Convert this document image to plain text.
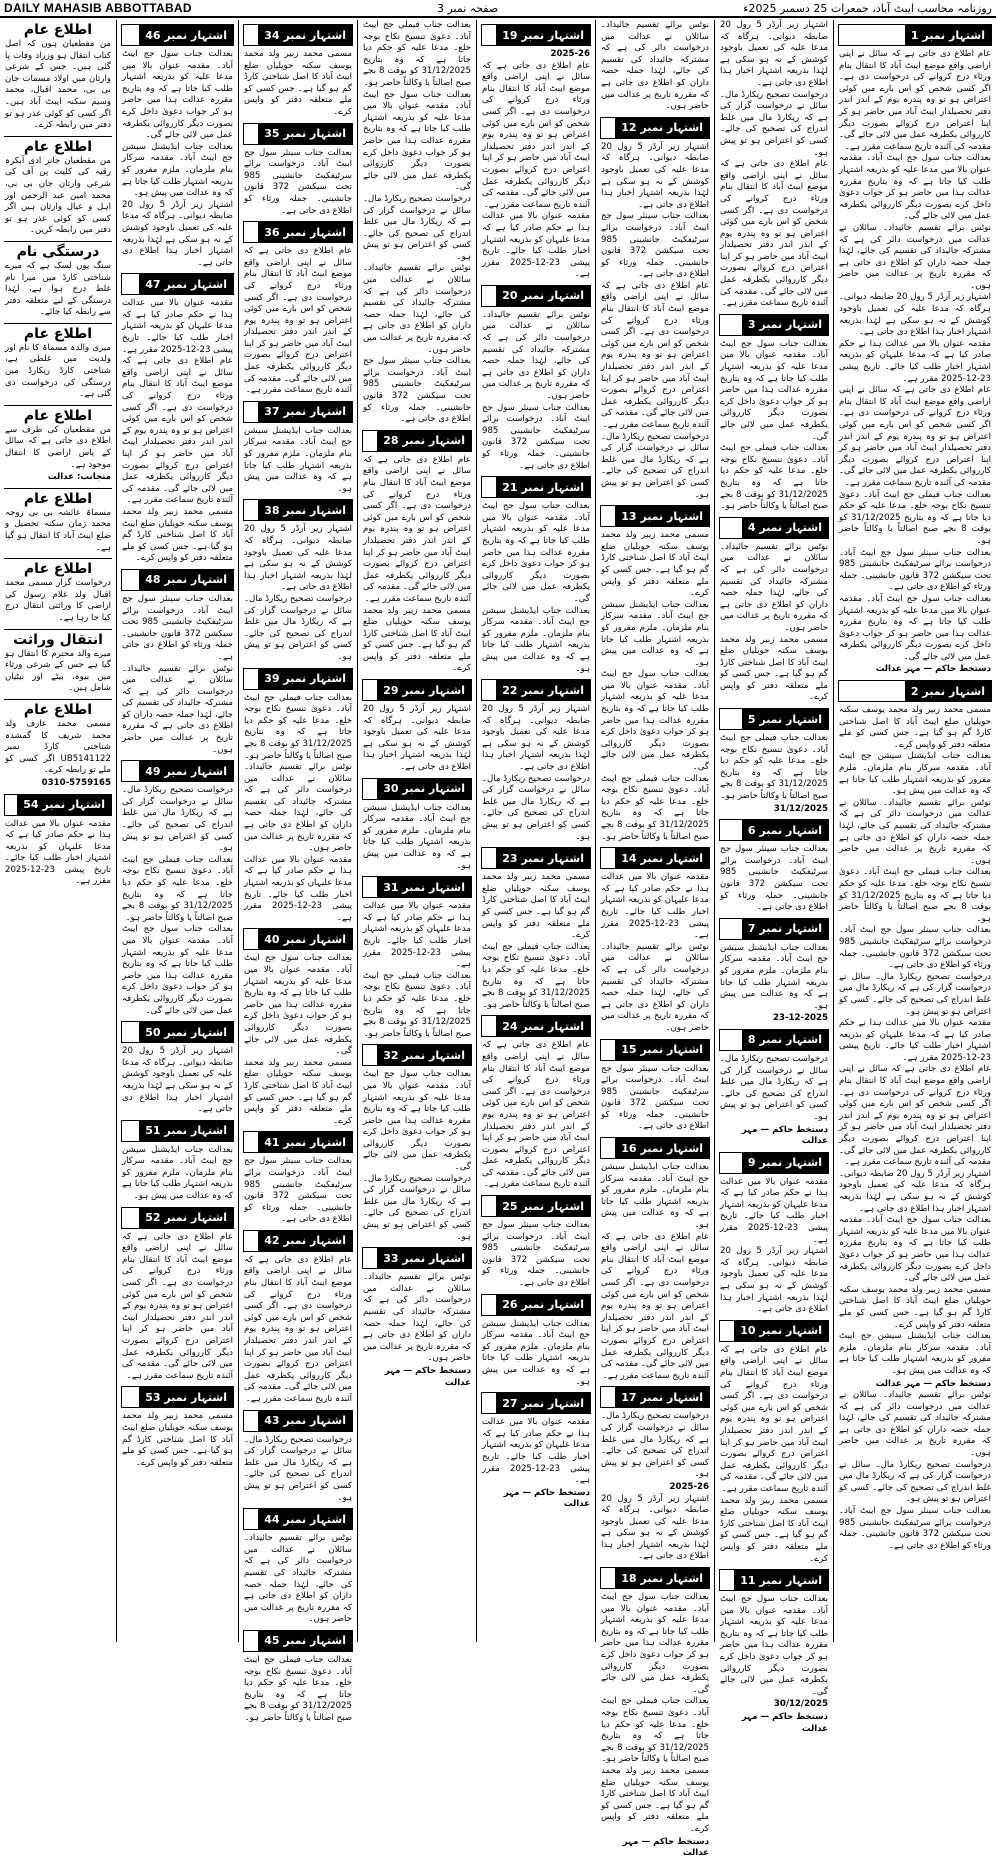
DAILY MAHASIB ABBOTTABAD	صفحہ نمبر 3	روزنامہ محاسب ایبٹ آباد، جمعرات 25 دسمبر 2025ء
اشتہار نمبر 1
عام اطلاع دی جاتی ہے کہ سائل نے اپنی اراضی واقع موضع ایبٹ آباد کا انتقال بنام ورثاء درج کروانے کی درخواست دی ہے۔ اگر کسی شخص کو اس بارے میں کوئی اعتراض ہو تو وہ پندرہ یوم کے اندر اندر دفتر تحصیلدار ایبٹ آباد میں حاضر ہو کر اپنا اعتراض درج کروائے بصورت دیگر کارروائی یکطرفہ عمل میں لائی جائے گی۔ مقدمہ کی آئندہ تاریخ سماعت مقرر ہے۔
بعدالت جناب سول جج ایبٹ آباد۔ مقدمہ عنوان بالا میں مدعا علیہ کو بذریعہ اشتہار طلب کیا جاتا ہے کہ وہ بتاریخ مقررہ عدالت ہذا میں حاضر ہو کر جواب دعویٰ داخل کرے بصورت دیگر کارروائی یکطرفہ عمل میں لائی جائے گی۔
نوٹس برائے تقسیم جائیداد۔ سائلان نے عدالت میں درخواست دائر کی ہے کہ مشترکہ جائیداد کی تقسیم کی جائے، لہٰذا جملہ حصہ داران کو اطلاع دی جاتی ہے کہ مقررہ تاریخ پر عدالت میں حاضر ہوں۔
اشتہار زیر آرڈر 5 رول 20 ضابطہ دیوانی۔ ہرگاہ کہ مدعا علیہ کی تعمیل باوجود کوشش کے نہ ہو سکی ہے لہٰذا بذریعہ اشتہار اخبار ہذا اطلاع دی جاتی ہے۔
مقدمہ عنوان بالا میں عدالت ہذا نے حکم صادر کیا ہے کہ مدعا علیہان کو بذریعہ اشتہار اخبار طلب کیا جائے۔ تاریخ پیشی 23-12-2025 مقرر ہے۔
عام اطلاع دی جاتی ہے کہ سائل نے اپنی اراضی واقع موضع ایبٹ آباد کا انتقال بنام ورثاء درج کروانے کی درخواست دی ہے۔ اگر کسی شخص کو اس بارے میں کوئی اعتراض ہو تو وہ پندرہ یوم کے اندر اندر دفتر تحصیلدار ایبٹ آباد میں حاضر ہو کر اپنا اعتراض درج کروائے بصورت دیگر کارروائی یکطرفہ عمل میں لائی جائے گی۔ مقدمہ کی آئندہ تاریخ سماعت مقرر ہے۔
بعدالت جناب فیملی جج ایبٹ آباد۔ دعویٰ تنسیخ نکاح بوجہ خلع۔ مدعا علیہ کو حکم دیا جاتا ہے کہ وہ بتاریخ 31/12/2025 کو بوقت 8 بجے صبح اصالتاً یا وکالتاً حاضر ہو۔
بعدالت جناب سینئر سول جج ایبٹ آباد۔ درخواست برائے سرٹیفکیٹ جانشینی 985 تحت سیکشن 372 قانون جانشینی۔ جملہ ورثاء کو اطلاع دی جاتی ہے۔
بعدالت جناب سول جج ایبٹ آباد۔ مقدمہ عنوان بالا میں مدعا علیہ کو بذریعہ اشتہار طلب کیا جاتا ہے کہ وہ بتاریخ مقررہ عدالت ہذا میں حاضر ہو کر جواب دعویٰ داخل کرے بصورت دیگر کارروائی یکطرفہ عمل میں لائی جائے گی۔
دستخط حاکم — مہر عدالت
اشتہار نمبر 2
مسمی محمد زبیر ولد محمد یوسف سکنہ حویلیاں ضلع ایبٹ آباد کا اصل شناختی کارڈ گم ہو گیا ہے۔ جس کسی کو ملے متعلقہ دفتر کو واپس کرے۔
بعدالت جناب ایڈیشنل سیشن جج ایبٹ آباد۔ مقدمہ سرکار بنام ملزمان۔ ملزم مفرور کو بذریعہ اشتہار طلب کیا جاتا ہے کہ وہ عدالت میں پیش ہو۔
نوٹس برائے تقسیم جائیداد۔ سائلان نے عدالت میں درخواست دائر کی ہے کہ مشترکہ جائیداد کی تقسیم کی جائے، لہٰذا جملہ حصہ داران کو اطلاع دی جاتی ہے کہ مقررہ تاریخ پر عدالت میں حاضر ہوں۔
بعدالت جناب فیملی جج ایبٹ آباد۔ دعویٰ تنسیخ نکاح بوجہ خلع۔ مدعا علیہ کو حکم دیا جاتا ہے کہ وہ بتاریخ 31/12/2025 کو بوقت 8 بجے صبح اصالتاً یا وکالتاً حاضر ہو۔
بعدالت جناب سینئر سول جج ایبٹ آباد۔ درخواست برائے سرٹیفکیٹ جانشینی 985 تحت سیکشن 372 قانون جانشینی۔ جملہ ورثاء کو اطلاع دی جاتی ہے۔
درخواست تصحیح ریکارڈ مال۔ سائل نے درخواست گزار کی ہے کہ ریکارڈ مال میں غلط اندراج کی تصحیح کی جائے۔ کسی کو اعتراض ہو تو پیش ہو۔
مقدمہ عنوان بالا میں عدالت ہذا نے حکم صادر کیا ہے کہ مدعا علیہان کو بذریعہ اشتہار اخبار طلب کیا جائے۔ تاریخ پیشی 23-12-2025 مقرر ہے۔
عام اطلاع دی جاتی ہے کہ سائل نے اپنی اراضی واقع موضع ایبٹ آباد کا انتقال بنام ورثاء درج کروانے کی درخواست دی ہے۔ اگر کسی شخص کو اس بارے میں کوئی اعتراض ہو تو وہ پندرہ یوم کے اندر اندر دفتر تحصیلدار ایبٹ آباد میں حاضر ہو کر اپنا اعتراض درج کروائے بصورت دیگر کارروائی یکطرفہ عمل میں لائی جائے گی۔ مقدمہ کی آئندہ تاریخ سماعت مقرر ہے۔
اشتہار زیر آرڈر 5 رول 20 ضابطہ دیوانی۔ ہرگاہ کہ مدعا علیہ کی تعمیل باوجود کوشش کے نہ ہو سکی ہے لہٰذا بذریعہ اشتہار اخبار ہذا اطلاع دی جاتی ہے۔
بعدالت جناب سول جج ایبٹ آباد۔ مقدمہ عنوان بالا میں مدعا علیہ کو بذریعہ اشتہار طلب کیا جاتا ہے کہ وہ بتاریخ مقررہ عدالت ہذا میں حاضر ہو کر جواب دعویٰ داخل کرے بصورت دیگر کارروائی یکطرفہ عمل میں لائی جائے گی۔
مسمی محمد زبیر ولد محمد یوسف سکنہ حویلیاں ضلع ایبٹ آباد کا اصل شناختی کارڈ گم ہو گیا ہے۔ جس کسی کو ملے متعلقہ دفتر کو واپس کرے۔
بعدالت جناب ایڈیشنل سیشن جج ایبٹ آباد۔ مقدمہ سرکار بنام ملزمان۔ ملزم مفرور کو بذریعہ اشتہار طلب کیا جاتا ہے کہ وہ عدالت میں پیش ہو۔
دستخط حاکم — مہر عدالت
نوٹس برائے تقسیم جائیداد۔ سائلان نے عدالت میں درخواست دائر کی ہے کہ مشترکہ جائیداد کی تقسیم کی جائے، لہٰذا جملہ حصہ داران کو اطلاع دی جاتی ہے کہ مقررہ تاریخ پر عدالت میں حاضر ہوں۔
درخواست تصحیح ریکارڈ مال۔ سائل نے درخواست گزار کی ہے کہ ریکارڈ مال میں غلط اندراج کی تصحیح کی جائے۔ کسی کو اعتراض ہو تو پیش ہو۔
بعدالت جناب سینئر سول جج ایبٹ آباد۔ درخواست برائے سرٹیفکیٹ جانشینی 985 تحت سیکشن 372 قانون جانشینی۔ جملہ ورثاء کو اطلاع دی جاتی ہے۔
اشتہار زیر آرڈر 5 رول 20 ضابطہ دیوانی۔ ہرگاہ کہ مدعا علیہ کی تعمیل باوجود کوشش کے نہ ہو سکی ہے لہٰذا بذریعہ اشتہار اخبار ہذا اطلاع دی جاتی ہے۔
درخواست تصحیح ریکارڈ مال۔ سائل نے درخواست گزار کی ہے کہ ریکارڈ مال میں غلط اندراج کی تصحیح کی جائے۔ کسی کو اعتراض ہو تو پیش ہو۔
عام اطلاع دی جاتی ہے کہ سائل نے اپنی اراضی واقع موضع ایبٹ آباد کا انتقال بنام ورثاء درج کروانے کی درخواست دی ہے۔ اگر کسی شخص کو اس بارے میں کوئی اعتراض ہو تو وہ پندرہ یوم کے اندر اندر دفتر تحصیلدار ایبٹ آباد میں حاضر ہو کر اپنا اعتراض درج کروائے بصورت دیگر کارروائی یکطرفہ عمل میں لائی جائے گی۔ مقدمہ کی آئندہ تاریخ سماعت مقرر ہے۔
اشتہار نمبر 3
بعدالت جناب سول جج ایبٹ آباد۔ مقدمہ عنوان بالا میں مدعا علیہ کو بذریعہ اشتہار طلب کیا جاتا ہے کہ وہ بتاریخ مقررہ عدالت ہذا میں حاضر ہو کر جواب دعویٰ داخل کرے بصورت دیگر کارروائی یکطرفہ عمل میں لائی جائے گی۔
بعدالت جناب فیملی جج ایبٹ آباد۔ دعویٰ تنسیخ نکاح بوجہ خلع۔ مدعا علیہ کو حکم دیا جاتا ہے کہ وہ بتاریخ 31/12/2025 کو بوقت 8 بجے صبح اصالتاً یا وکالتاً حاضر ہو۔
اشتہار نمبر 4
نوٹس برائے تقسیم جائیداد۔ سائلان نے عدالت میں درخواست دائر کی ہے کہ مشترکہ جائیداد کی تقسیم کی جائے، لہٰذا جملہ حصہ داران کو اطلاع دی جاتی ہے کہ مقررہ تاریخ پر عدالت میں حاضر ہوں۔
مسمی محمد زبیر ولد محمد یوسف سکنہ حویلیاں ضلع ایبٹ آباد کا اصل شناختی کارڈ گم ہو گیا ہے۔ جس کسی کو ملے متعلقہ دفتر کو واپس کرے۔
اشتہار نمبر 5
بعدالت جناب فیملی جج ایبٹ آباد۔ دعویٰ تنسیخ نکاح بوجہ خلع۔ مدعا علیہ کو حکم دیا جاتا ہے کہ وہ بتاریخ 31/12/2025 کو بوقت 8 بجے صبح اصالتاً یا وکالتاً حاضر ہو۔
31/12/2025
اشتہار نمبر 6
بعدالت جناب سینئر سول جج ایبٹ آباد۔ درخواست برائے سرٹیفکیٹ جانشینی 985 تحت سیکشن 372 قانون جانشینی۔ جملہ ورثاء کو اطلاع دی جاتی ہے۔
اشتہار نمبر 7
بعدالت جناب ایڈیشنل سیشن جج ایبٹ آباد۔ مقدمہ سرکار بنام ملزمان۔ ملزم مفرور کو بذریعہ اشتہار طلب کیا جاتا ہے کہ وہ عدالت میں پیش ہو۔
23-12-2025
اشتہار نمبر 8
درخواست تصحیح ریکارڈ مال۔ سائل نے درخواست گزار کی ہے کہ ریکارڈ مال میں غلط اندراج کی تصحیح کی جائے۔ کسی کو اعتراض ہو تو پیش ہو۔
دستخط حاکم — مہر عدالت
اشتہار نمبر 9
مقدمہ عنوان بالا میں عدالت ہذا نے حکم صادر کیا ہے کہ مدعا علیہان کو بذریعہ اشتہار اخبار طلب کیا جائے۔ تاریخ پیشی 23-12-2025 مقرر ہے۔
اشتہار زیر آرڈر 5 رول 20 ضابطہ دیوانی۔ ہرگاہ کہ مدعا علیہ کی تعمیل باوجود کوشش کے نہ ہو سکی ہے لہٰذا بذریعہ اشتہار اخبار ہذا اطلاع دی جاتی ہے۔
اشتہار نمبر 10
عام اطلاع دی جاتی ہے کہ سائل نے اپنی اراضی واقع موضع ایبٹ آباد کا انتقال بنام ورثاء درج کروانے کی درخواست دی ہے۔ اگر کسی شخص کو اس بارے میں کوئی اعتراض ہو تو وہ پندرہ یوم کے اندر اندر دفتر تحصیلدار ایبٹ آباد میں حاضر ہو کر اپنا اعتراض درج کروائے بصورت دیگر کارروائی یکطرفہ عمل میں لائی جائے گی۔ مقدمہ کی آئندہ تاریخ سماعت مقرر ہے۔
مسمی محمد زبیر ولد محمد یوسف سکنہ حویلیاں ضلع ایبٹ آباد کا اصل شناختی کارڈ گم ہو گیا ہے۔ جس کسی کو ملے متعلقہ دفتر کو واپس کرے۔
اشتہار نمبر 11
بعدالت جناب سول جج ایبٹ آباد۔ مقدمہ عنوان بالا میں مدعا علیہ کو بذریعہ اشتہار طلب کیا جاتا ہے کہ وہ بتاریخ مقررہ عدالت ہذا میں حاضر ہو کر جواب دعویٰ داخل کرے بصورت دیگر کارروائی یکطرفہ عمل میں لائی جائے گی۔
30/12/2025
دستخط حاکم — مہر عدالت
نوٹس برائے تقسیم جائیداد۔ سائلان نے عدالت میں درخواست دائر کی ہے کہ مشترکہ جائیداد کی تقسیم کی جائے، لہٰذا جملہ حصہ داران کو اطلاع دی جاتی ہے کہ مقررہ تاریخ پر عدالت میں حاضر ہوں۔
اشتہار نمبر 12
اشتہار زیر آرڈر 5 رول 20 ضابطہ دیوانی۔ ہرگاہ کہ مدعا علیہ کی تعمیل باوجود کوشش کے نہ ہو سکی ہے لہٰذا بذریعہ اشتہار اخبار ہذا اطلاع دی جاتی ہے۔
بعدالت جناب سینئر سول جج ایبٹ آباد۔ درخواست برائے سرٹیفکیٹ جانشینی 985 تحت سیکشن 372 قانون جانشینی۔ جملہ ورثاء کو اطلاع دی جاتی ہے۔
عام اطلاع دی جاتی ہے کہ سائل نے اپنی اراضی واقع موضع ایبٹ آباد کا انتقال بنام ورثاء درج کروانے کی درخواست دی ہے۔ اگر کسی شخص کو اس بارے میں کوئی اعتراض ہو تو وہ پندرہ یوم کے اندر اندر دفتر تحصیلدار ایبٹ آباد میں حاضر ہو کر اپنا اعتراض درج کروائے بصورت دیگر کارروائی یکطرفہ عمل میں لائی جائے گی۔ مقدمہ کی آئندہ تاریخ سماعت مقرر ہے۔
درخواست تصحیح ریکارڈ مال۔ سائل نے درخواست گزار کی ہے کہ ریکارڈ مال میں غلط اندراج کی تصحیح کی جائے۔ کسی کو اعتراض ہو تو پیش ہو۔
اشتہار نمبر 13
مسمی محمد زبیر ولد محمد یوسف سکنہ حویلیاں ضلع ایبٹ آباد کا اصل شناختی کارڈ گم ہو گیا ہے۔ جس کسی کو ملے متعلقہ دفتر کو واپس کرے۔
بعدالت جناب ایڈیشنل سیشن جج ایبٹ آباد۔ مقدمہ سرکار بنام ملزمان۔ ملزم مفرور کو بذریعہ اشتہار طلب کیا جاتا ہے کہ وہ عدالت میں پیش ہو۔
بعدالت جناب سول جج ایبٹ آباد۔ مقدمہ عنوان بالا میں مدعا علیہ کو بذریعہ اشتہار طلب کیا جاتا ہے کہ وہ بتاریخ مقررہ عدالت ہذا میں حاضر ہو کر جواب دعویٰ داخل کرے بصورت دیگر کارروائی یکطرفہ عمل میں لائی جائے گی۔
بعدالت جناب فیملی جج ایبٹ آباد۔ دعویٰ تنسیخ نکاح بوجہ خلع۔ مدعا علیہ کو حکم دیا جاتا ہے کہ وہ بتاریخ 31/12/2025 کو بوقت 8 بجے صبح اصالتاً یا وکالتاً حاضر ہو۔
اشتہار نمبر 14
مقدمہ عنوان بالا میں عدالت ہذا نے حکم صادر کیا ہے کہ مدعا علیہان کو بذریعہ اشتہار اخبار طلب کیا جائے۔ تاریخ پیشی 23-12-2025 مقرر ہے۔
نوٹس برائے تقسیم جائیداد۔ سائلان نے عدالت میں درخواست دائر کی ہے کہ مشترکہ جائیداد کی تقسیم کی جائے، لہٰذا جملہ حصہ داران کو اطلاع دی جاتی ہے کہ مقررہ تاریخ پر عدالت میں حاضر ہوں۔
اشتہار نمبر 15
بعدالت جناب سینئر سول جج ایبٹ آباد۔ درخواست برائے سرٹیفکیٹ جانشینی 985 تحت سیکشن 372 قانون جانشینی۔ جملہ ورثاء کو اطلاع دی جاتی ہے۔
اشتہار نمبر 16
بعدالت جناب ایڈیشنل سیشن جج ایبٹ آباد۔ مقدمہ سرکار بنام ملزمان۔ ملزم مفرور کو بذریعہ اشتہار طلب کیا جاتا ہے کہ وہ عدالت میں پیش ہو۔
عام اطلاع دی جاتی ہے کہ سائل نے اپنی اراضی واقع موضع ایبٹ آباد کا انتقال بنام ورثاء درج کروانے کی درخواست دی ہے۔ اگر کسی شخص کو اس بارے میں کوئی اعتراض ہو تو وہ پندرہ یوم کے اندر اندر دفتر تحصیلدار ایبٹ آباد میں حاضر ہو کر اپنا اعتراض درج کروائے بصورت دیگر کارروائی یکطرفہ عمل میں لائی جائے گی۔ مقدمہ کی آئندہ تاریخ سماعت مقرر ہے۔
اشتہار نمبر 17
درخواست تصحیح ریکارڈ مال۔ سائل نے درخواست گزار کی ہے کہ ریکارڈ مال میں غلط اندراج کی تصحیح کی جائے۔ کسی کو اعتراض ہو تو پیش ہو۔
2025-26
اشتہار زیر آرڈر 5 رول 20 ضابطہ دیوانی۔ ہرگاہ کہ مدعا علیہ کی تعمیل باوجود کوشش کے نہ ہو سکی ہے لہٰذا بذریعہ اشتہار اخبار ہذا اطلاع دی جاتی ہے۔
اشتہار نمبر 18
بعدالت جناب سول جج ایبٹ آباد۔ مقدمہ عنوان بالا میں مدعا علیہ کو بذریعہ اشتہار طلب کیا جاتا ہے کہ وہ بتاریخ مقررہ عدالت ہذا میں حاضر ہو کر جواب دعویٰ داخل کرے بصورت دیگر کارروائی یکطرفہ عمل میں لائی جائے گی۔
بعدالت جناب فیملی جج ایبٹ آباد۔ دعویٰ تنسیخ نکاح بوجہ خلع۔ مدعا علیہ کو حکم دیا جاتا ہے کہ وہ بتاریخ 31/12/2025 کو بوقت 8 بجے صبح اصالتاً یا وکالتاً حاضر ہو۔
مسمی محمد زبیر ولد محمد یوسف سکنہ حویلیاں ضلع ایبٹ آباد کا اصل شناختی کارڈ گم ہو گیا ہے۔ جس کسی کو ملے متعلقہ دفتر کو واپس کرے۔
دستخط حاکم — مہر عدالت
اشتہار نمبر 19
2025-26
عام اطلاع دی جاتی ہے کہ سائل نے اپنی اراضی واقع موضع ایبٹ آباد کا انتقال بنام ورثاء درج کروانے کی درخواست دی ہے۔ اگر کسی شخص کو اس بارے میں کوئی اعتراض ہو تو وہ پندرہ یوم کے اندر اندر دفتر تحصیلدار ایبٹ آباد میں حاضر ہو کر اپنا اعتراض درج کروائے بصورت دیگر کارروائی یکطرفہ عمل میں لائی جائے گی۔ مقدمہ کی آئندہ تاریخ سماعت مقرر ہے۔
مقدمہ عنوان بالا میں عدالت ہذا نے حکم صادر کیا ہے کہ مدعا علیہان کو بذریعہ اشتہار اخبار طلب کیا جائے۔ تاریخ پیشی 23-12-2025 مقرر ہے۔
اشتہار نمبر 20
نوٹس برائے تقسیم جائیداد۔ سائلان نے عدالت میں درخواست دائر کی ہے کہ مشترکہ جائیداد کی تقسیم کی جائے، لہٰذا جملہ حصہ داران کو اطلاع دی جاتی ہے کہ مقررہ تاریخ پر عدالت میں حاضر ہوں۔
بعدالت جناب سینئر سول جج ایبٹ آباد۔ درخواست برائے سرٹیفکیٹ جانشینی 985 تحت سیکشن 372 قانون جانشینی۔ جملہ ورثاء کو اطلاع دی جاتی ہے۔
اشتہار نمبر 21
بعدالت جناب سول جج ایبٹ آباد۔ مقدمہ عنوان بالا میں مدعا علیہ کو بذریعہ اشتہار طلب کیا جاتا ہے کہ وہ بتاریخ مقررہ عدالت ہذا میں حاضر ہو کر جواب دعویٰ داخل کرے بصورت دیگر کارروائی یکطرفہ عمل میں لائی جائے گی۔
بعدالت جناب ایڈیشنل سیشن جج ایبٹ آباد۔ مقدمہ سرکار بنام ملزمان۔ ملزم مفرور کو بذریعہ اشتہار طلب کیا جاتا ہے کہ وہ عدالت میں پیش ہو۔
اشتہار نمبر 22
اشتہار زیر آرڈر 5 رول 20 ضابطہ دیوانی۔ ہرگاہ کہ مدعا علیہ کی تعمیل باوجود کوشش کے نہ ہو سکی ہے لہٰذا بذریعہ اشتہار اخبار ہذا اطلاع دی جاتی ہے۔
درخواست تصحیح ریکارڈ مال۔ سائل نے درخواست گزار کی ہے کہ ریکارڈ مال میں غلط اندراج کی تصحیح کی جائے۔ کسی کو اعتراض ہو تو پیش ہو۔
اشتہار نمبر 23
مسمی محمد زبیر ولد محمد یوسف سکنہ حویلیاں ضلع ایبٹ آباد کا اصل شناختی کارڈ گم ہو گیا ہے۔ جس کسی کو ملے متعلقہ دفتر کو واپس کرے۔
بعدالت جناب فیملی جج ایبٹ آباد۔ دعویٰ تنسیخ نکاح بوجہ خلع۔ مدعا علیہ کو حکم دیا جاتا ہے کہ وہ بتاریخ 31/12/2025 کو بوقت 8 بجے صبح اصالتاً یا وکالتاً حاضر ہو۔
اشتہار نمبر 24
عام اطلاع دی جاتی ہے کہ سائل نے اپنی اراضی واقع موضع ایبٹ آباد کا انتقال بنام ورثاء درج کروانے کی درخواست دی ہے۔ اگر کسی شخص کو اس بارے میں کوئی اعتراض ہو تو وہ پندرہ یوم کے اندر اندر دفتر تحصیلدار ایبٹ آباد میں حاضر ہو کر اپنا اعتراض درج کروائے بصورت دیگر کارروائی یکطرفہ عمل میں لائی جائے گی۔ مقدمہ کی آئندہ تاریخ سماعت مقرر ہے۔
اشتہار نمبر 25
بعدالت جناب سینئر سول جج ایبٹ آباد۔ درخواست برائے سرٹیفکیٹ جانشینی 985 تحت سیکشن 372 قانون جانشینی۔ جملہ ورثاء کو اطلاع دی جاتی ہے۔
اشتہار نمبر 26
بعدالت جناب ایڈیشنل سیشن جج ایبٹ آباد۔ مقدمہ سرکار بنام ملزمان۔ ملزم مفرور کو بذریعہ اشتہار طلب کیا جاتا ہے کہ وہ عدالت میں پیش ہو۔
اشتہار نمبر 27
مقدمہ عنوان بالا میں عدالت ہذا نے حکم صادر کیا ہے کہ مدعا علیہان کو بذریعہ اشتہار اخبار طلب کیا جائے۔ تاریخ پیشی 23-12-2025 مقرر ہے۔
دستخط حاکم — مہر عدالت
بعدالت جناب فیملی جج ایبٹ آباد۔ دعویٰ تنسیخ نکاح بوجہ خلع۔ مدعا علیہ کو حکم دیا جاتا ہے کہ وہ بتاریخ 31/12/2025 کو بوقت 8 بجے صبح اصالتاً یا وکالتاً حاضر ہو۔
بعدالت جناب سول جج ایبٹ آباد۔ مقدمہ عنوان بالا میں مدعا علیہ کو بذریعہ اشتہار طلب کیا جاتا ہے کہ وہ بتاریخ مقررہ عدالت ہذا میں حاضر ہو کر جواب دعویٰ داخل کرے بصورت دیگر کارروائی یکطرفہ عمل میں لائی جائے گی۔
درخواست تصحیح ریکارڈ مال۔ سائل نے درخواست گزار کی ہے کہ ریکارڈ مال میں غلط اندراج کی تصحیح کی جائے۔ کسی کو اعتراض ہو تو پیش ہو۔
نوٹس برائے تقسیم جائیداد۔ سائلان نے عدالت میں درخواست دائر کی ہے کہ مشترکہ جائیداد کی تقسیم کی جائے، لہٰذا جملہ حصہ داران کو اطلاع دی جاتی ہے کہ مقررہ تاریخ پر عدالت میں حاضر ہوں۔
بعدالت جناب سینئر سول جج ایبٹ آباد۔ درخواست برائے سرٹیفکیٹ جانشینی 985 تحت سیکشن 372 قانون جانشینی۔ جملہ ورثاء کو اطلاع دی جاتی ہے۔
اشتہار نمبر 28
عام اطلاع دی جاتی ہے کہ سائل نے اپنی اراضی واقع موضع ایبٹ آباد کا انتقال بنام ورثاء درج کروانے کی درخواست دی ہے۔ اگر کسی شخص کو اس بارے میں کوئی اعتراض ہو تو وہ پندرہ یوم کے اندر اندر دفتر تحصیلدار ایبٹ آباد میں حاضر ہو کر اپنا اعتراض درج کروائے بصورت دیگر کارروائی یکطرفہ عمل میں لائی جائے گی۔ مقدمہ کی آئندہ تاریخ سماعت مقرر ہے۔
مسمی محمد زبیر ولد محمد یوسف سکنہ حویلیاں ضلع ایبٹ آباد کا اصل شناختی کارڈ گم ہو گیا ہے۔ جس کسی کو ملے متعلقہ دفتر کو واپس کرے۔
اشتہار نمبر 29
اشتہار زیر آرڈر 5 رول 20 ضابطہ دیوانی۔ ہرگاہ کہ مدعا علیہ کی تعمیل باوجود کوشش کے نہ ہو سکی ہے لہٰذا بذریعہ اشتہار اخبار ہذا اطلاع دی جاتی ہے۔
اشتہار نمبر 30
بعدالت جناب ایڈیشنل سیشن جج ایبٹ آباد۔ مقدمہ سرکار بنام ملزمان۔ ملزم مفرور کو بذریعہ اشتہار طلب کیا جاتا ہے کہ وہ عدالت میں پیش ہو۔
اشتہار نمبر 31
مقدمہ عنوان بالا میں عدالت ہذا نے حکم صادر کیا ہے کہ مدعا علیہان کو بذریعہ اشتہار اخبار طلب کیا جائے۔ تاریخ پیشی 23-12-2025 مقرر ہے۔
بعدالت جناب فیملی جج ایبٹ آباد۔ دعویٰ تنسیخ نکاح بوجہ خلع۔ مدعا علیہ کو حکم دیا جاتا ہے کہ وہ بتاریخ 31/12/2025 کو بوقت 8 بجے صبح اصالتاً یا وکالتاً حاضر ہو۔
اشتہار نمبر 32
بعدالت جناب سول جج ایبٹ آباد۔ مقدمہ عنوان بالا میں مدعا علیہ کو بذریعہ اشتہار طلب کیا جاتا ہے کہ وہ بتاریخ مقررہ عدالت ہذا میں حاضر ہو کر جواب دعویٰ داخل کرے بصورت دیگر کارروائی یکطرفہ عمل میں لائی جائے گی۔
درخواست تصحیح ریکارڈ مال۔ سائل نے درخواست گزار کی ہے کہ ریکارڈ مال میں غلط اندراج کی تصحیح کی جائے۔ کسی کو اعتراض ہو تو پیش ہو۔
اشتہار نمبر 33
نوٹس برائے تقسیم جائیداد۔ سائلان نے عدالت میں درخواست دائر کی ہے کہ مشترکہ جائیداد کی تقسیم کی جائے، لہٰذا جملہ حصہ داران کو اطلاع دی جاتی ہے کہ مقررہ تاریخ پر عدالت میں حاضر ہوں۔
دستخط حاکم — مہر عدالت
اشتہار نمبر 34
مسمی محمد زبیر ولد محمد یوسف سکنہ حویلیاں ضلع ایبٹ آباد کا اصل شناختی کارڈ گم ہو گیا ہے۔ جس کسی کو ملے متعلقہ دفتر کو واپس کرے۔
اشتہار نمبر 35
بعدالت جناب سینئر سول جج ایبٹ آباد۔ درخواست برائے سرٹیفکیٹ جانشینی 985 تحت سیکشن 372 قانون جانشینی۔ جملہ ورثاء کو اطلاع دی جاتی ہے۔
اشتہار نمبر 36
عام اطلاع دی جاتی ہے کہ سائل نے اپنی اراضی واقع موضع ایبٹ آباد کا انتقال بنام ورثاء درج کروانے کی درخواست دی ہے۔ اگر کسی شخص کو اس بارے میں کوئی اعتراض ہو تو وہ پندرہ یوم کے اندر اندر دفتر تحصیلدار ایبٹ آباد میں حاضر ہو کر اپنا اعتراض درج کروائے بصورت دیگر کارروائی یکطرفہ عمل میں لائی جائے گی۔ مقدمہ کی آئندہ تاریخ سماعت مقرر ہے۔
اشتہار نمبر 37
بعدالت جناب ایڈیشنل سیشن جج ایبٹ آباد۔ مقدمہ سرکار بنام ملزمان۔ ملزم مفرور کو بذریعہ اشتہار طلب کیا جاتا ہے کہ وہ عدالت میں پیش ہو۔
اشتہار نمبر 38
اشتہار زیر آرڈر 5 رول 20 ضابطہ دیوانی۔ ہرگاہ کہ مدعا علیہ کی تعمیل باوجود کوشش کے نہ ہو سکی ہے لہٰذا بذریعہ اشتہار اخبار ہذا اطلاع دی جاتی ہے۔
درخواست تصحیح ریکارڈ مال۔ سائل نے درخواست گزار کی ہے کہ ریکارڈ مال میں غلط اندراج کی تصحیح کی جائے۔ کسی کو اعتراض ہو تو پیش ہو۔
اشتہار نمبر 39
بعدالت جناب فیملی جج ایبٹ آباد۔ دعویٰ تنسیخ نکاح بوجہ خلع۔ مدعا علیہ کو حکم دیا جاتا ہے کہ وہ بتاریخ 31/12/2025 کو بوقت 8 بجے صبح اصالتاً یا وکالتاً حاضر ہو۔
نوٹس برائے تقسیم جائیداد۔ سائلان نے عدالت میں درخواست دائر کی ہے کہ مشترکہ جائیداد کی تقسیم کی جائے، لہٰذا جملہ حصہ داران کو اطلاع دی جاتی ہے کہ مقررہ تاریخ پر عدالت میں حاضر ہوں۔
مقدمہ عنوان بالا میں عدالت ہذا نے حکم صادر کیا ہے کہ مدعا علیہان کو بذریعہ اشتہار اخبار طلب کیا جائے۔ تاریخ پیشی 23-12-2025 مقرر ہے۔
اشتہار نمبر 40
بعدالت جناب سول جج ایبٹ آباد۔ مقدمہ عنوان بالا میں مدعا علیہ کو بذریعہ اشتہار طلب کیا جاتا ہے کہ وہ بتاریخ مقررہ عدالت ہذا میں حاضر ہو کر جواب دعویٰ داخل کرے بصورت دیگر کارروائی یکطرفہ عمل میں لائی جائے گی۔
مسمی محمد زبیر ولد محمد یوسف سکنہ حویلیاں ضلع ایبٹ آباد کا اصل شناختی کارڈ گم ہو گیا ہے۔ جس کسی کو ملے متعلقہ دفتر کو واپس کرے۔
اشتہار نمبر 41
بعدالت جناب سینئر سول جج ایبٹ آباد۔ درخواست برائے سرٹیفکیٹ جانشینی 985 تحت سیکشن 372 قانون جانشینی۔ جملہ ورثاء کو اطلاع دی جاتی ہے۔
اشتہار نمبر 42
عام اطلاع دی جاتی ہے کہ سائل نے اپنی اراضی واقع موضع ایبٹ آباد کا انتقال بنام ورثاء درج کروانے کی درخواست دی ہے۔ اگر کسی شخص کو اس بارے میں کوئی اعتراض ہو تو وہ پندرہ یوم کے اندر اندر دفتر تحصیلدار ایبٹ آباد میں حاضر ہو کر اپنا اعتراض درج کروائے بصورت دیگر کارروائی یکطرفہ عمل میں لائی جائے گی۔ مقدمہ کی آئندہ تاریخ سماعت مقرر ہے۔
اشتہار نمبر 43
درخواست تصحیح ریکارڈ مال۔ سائل نے درخواست گزار کی ہے کہ ریکارڈ مال میں غلط اندراج کی تصحیح کی جائے۔ کسی کو اعتراض ہو تو پیش ہو۔
اشتہار نمبر 44
نوٹس برائے تقسیم جائیداد۔ سائلان نے عدالت میں درخواست دائر کی ہے کہ مشترکہ جائیداد کی تقسیم کی جائے، لہٰذا جملہ حصہ داران کو اطلاع دی جاتی ہے کہ مقررہ تاریخ پر عدالت میں حاضر ہوں۔
اشتہار نمبر 45
بعدالت جناب فیملی جج ایبٹ آباد۔ دعویٰ تنسیخ نکاح بوجہ خلع۔ مدعا علیہ کو حکم دیا جاتا ہے کہ وہ بتاریخ 31/12/2025 کو بوقت 8 بجے صبح اصالتاً یا وکالتاً حاضر ہو۔
اشتہار نمبر 46
بعدالت جناب سول جج ایبٹ آباد۔ مقدمہ عنوان بالا میں مدعا علیہ کو بذریعہ اشتہار طلب کیا جاتا ہے کہ وہ بتاریخ مقررہ عدالت ہذا میں حاضر ہو کر جواب دعویٰ داخل کرے بصورت دیگر کارروائی یکطرفہ عمل میں لائی جائے گی۔
بعدالت جناب ایڈیشنل سیشن جج ایبٹ آباد۔ مقدمہ سرکار بنام ملزمان۔ ملزم مفرور کو بذریعہ اشتہار طلب کیا جاتا ہے کہ وہ عدالت میں پیش ہو۔
اشتہار زیر آرڈر 5 رول 20 ضابطہ دیوانی۔ ہرگاہ کہ مدعا علیہ کی تعمیل باوجود کوشش کے نہ ہو سکی ہے لہٰذا بذریعہ اشتہار اخبار ہذا اطلاع دی جاتی ہے۔
اشتہار نمبر 47
مقدمہ عنوان بالا میں عدالت ہذا نے حکم صادر کیا ہے کہ مدعا علیہان کو بذریعہ اشتہار اخبار طلب کیا جائے۔ تاریخ پیشی 23-12-2025 مقرر ہے۔
عام اطلاع دی جاتی ہے کہ سائل نے اپنی اراضی واقع موضع ایبٹ آباد کا انتقال بنام ورثاء درج کروانے کی درخواست دی ہے۔ اگر کسی شخص کو اس بارے میں کوئی اعتراض ہو تو وہ پندرہ یوم کے اندر اندر دفتر تحصیلدار ایبٹ آباد میں حاضر ہو کر اپنا اعتراض درج کروائے بصورت دیگر کارروائی یکطرفہ عمل میں لائی جائے گی۔ مقدمہ کی آئندہ تاریخ سماعت مقرر ہے۔
مسمی محمد زبیر ولد محمد یوسف سکنہ حویلیاں ضلع ایبٹ آباد کا اصل شناختی کارڈ گم ہو گیا ہے۔ جس کسی کو ملے متعلقہ دفتر کو واپس کرے۔
اشتہار نمبر 48
بعدالت جناب سینئر سول جج ایبٹ آباد۔ درخواست برائے سرٹیفکیٹ جانشینی 985 تحت سیکشن 372 قانون جانشینی۔ جملہ ورثاء کو اطلاع دی جاتی ہے۔
نوٹس برائے تقسیم جائیداد۔ سائلان نے عدالت میں درخواست دائر کی ہے کہ مشترکہ جائیداد کی تقسیم کی جائے، لہٰذا جملہ حصہ داران کو اطلاع دی جاتی ہے کہ مقررہ تاریخ پر عدالت میں حاضر ہوں۔
اشتہار نمبر 49
درخواست تصحیح ریکارڈ مال۔ سائل نے درخواست گزار کی ہے کہ ریکارڈ مال میں غلط اندراج کی تصحیح کی جائے۔ کسی کو اعتراض ہو تو پیش ہو۔
بعدالت جناب فیملی جج ایبٹ آباد۔ دعویٰ تنسیخ نکاح بوجہ خلع۔ مدعا علیہ کو حکم دیا جاتا ہے کہ وہ بتاریخ 31/12/2025 کو بوقت 8 بجے صبح اصالتاً یا وکالتاً حاضر ہو۔
بعدالت جناب سول جج ایبٹ آباد۔ مقدمہ عنوان بالا میں مدعا علیہ کو بذریعہ اشتہار طلب کیا جاتا ہے کہ وہ بتاریخ مقررہ عدالت ہذا میں حاضر ہو کر جواب دعویٰ داخل کرے بصورت دیگر کارروائی یکطرفہ عمل میں لائی جائے گی۔
اشتہار نمبر 50
اشتہار زیر آرڈر 5 رول 20 ضابطہ دیوانی۔ ہرگاہ کہ مدعا علیہ کی تعمیل باوجود کوشش کے نہ ہو سکی ہے لہٰذا بذریعہ اشتہار اخبار ہذا اطلاع دی جاتی ہے۔
اشتہار نمبر 51
بعدالت جناب ایڈیشنل سیشن جج ایبٹ آباد۔ مقدمہ سرکار بنام ملزمان۔ ملزم مفرور کو بذریعہ اشتہار طلب کیا جاتا ہے کہ وہ عدالت میں پیش ہو۔
اشتہار نمبر 52
عام اطلاع دی جاتی ہے کہ سائل نے اپنی اراضی واقع موضع ایبٹ آباد کا انتقال بنام ورثاء درج کروانے کی درخواست دی ہے۔ اگر کسی شخص کو اس بارے میں کوئی اعتراض ہو تو وہ پندرہ یوم کے اندر اندر دفتر تحصیلدار ایبٹ آباد میں حاضر ہو کر اپنا اعتراض درج کروائے بصورت دیگر کارروائی یکطرفہ عمل میں لائی جائے گی۔ مقدمہ کی آئندہ تاریخ سماعت مقرر ہے۔
اشتہار نمبر 53
مسمی محمد زبیر ولد محمد یوسف سکنہ حویلیاں ضلع ایبٹ آباد کا اصل شناختی کارڈ گم ہو گیا ہے۔ جس کسی کو ملے متعلقہ دفتر کو واپس کرے۔
اطلاع عام
من مقطعیان ہوں کہ اصل کتاب انتقال ہو وزراد وفات پا گئی ہیں۔ جس کے شرعی وارثان میں اولاد مسمات جان بی بی، محمد اقبال، محمد وسیم سکنہ ایبٹ آباد ہیں۔ اگر کسی کو کوئی عذر ہو تو دفتر میں رابطہ کرے۔
اطلاع عام
من مقطعیان جانر ادی آبکرہ رقبہ کی کلیت پن آف کی شرعی وارثان جان بی بی، محمد امین عبد الرحمن اور اہل و عیال وارثان ہیں اگر کسی کو کوئی عذر ہو تو دفتر میں رابطہ کریں۔
درستگی نام
سنگ یوں لسک ہے کہ میرے شناختی کارڈ میں میرا نام غلط درج ہوا ہے، لہٰذا درستگی کے لیے متعلقہ دفتر سے رابطہ کیا جائے۔
اطلاع عام
میری والدہ مسماۃ کا نام اور ولدیت میں غلطی ہے، شناختی کارڈ ریکارڈ میں درستگی کی درخواست دی گئی ہے۔
اطلاع عام
من مقطعیان کی طرف سے اطلاع دی جاتی ہے کہ سائل کے پاس اراضی کا انتقال موجود ہے۔
منجانب: عدالت
اطلاع عام
مسماۃ عائشہ بی بی زوجہ محمد زمان سکنہ تحصیل و ضلع ایبٹ آباد کا انتقال ہو گیا ہے۔
اطلاع عام
درخواست گزار مسمی محمد اقبال ولد غلام رسول کی اراضی کا وراثتی انتقال درج کیا جا رہا ہے۔
انتقال وراثت
میرے والد محترم کا انتقال ہو گیا ہے جس کے شرعی ورثاء میں بیوہ، بیٹے اور بیٹیاں شامل ہیں۔
اطلاع عام
مسمی محمد عارف ولد محمد شریف کا گمشدہ شناختی کارڈ نمبر UB5141122 اگر کسی کو ملے تو رابطہ کرے۔
0310-5759165
اشتہار نمبر 54
مقدمہ عنوان بالا میں عدالت ہذا نے حکم صادر کیا ہے کہ مدعا علیہان کو بذریعہ اشتہار اخبار طلب کیا جائے۔ تاریخ پیشی 23-12-2025 مقرر ہے۔
